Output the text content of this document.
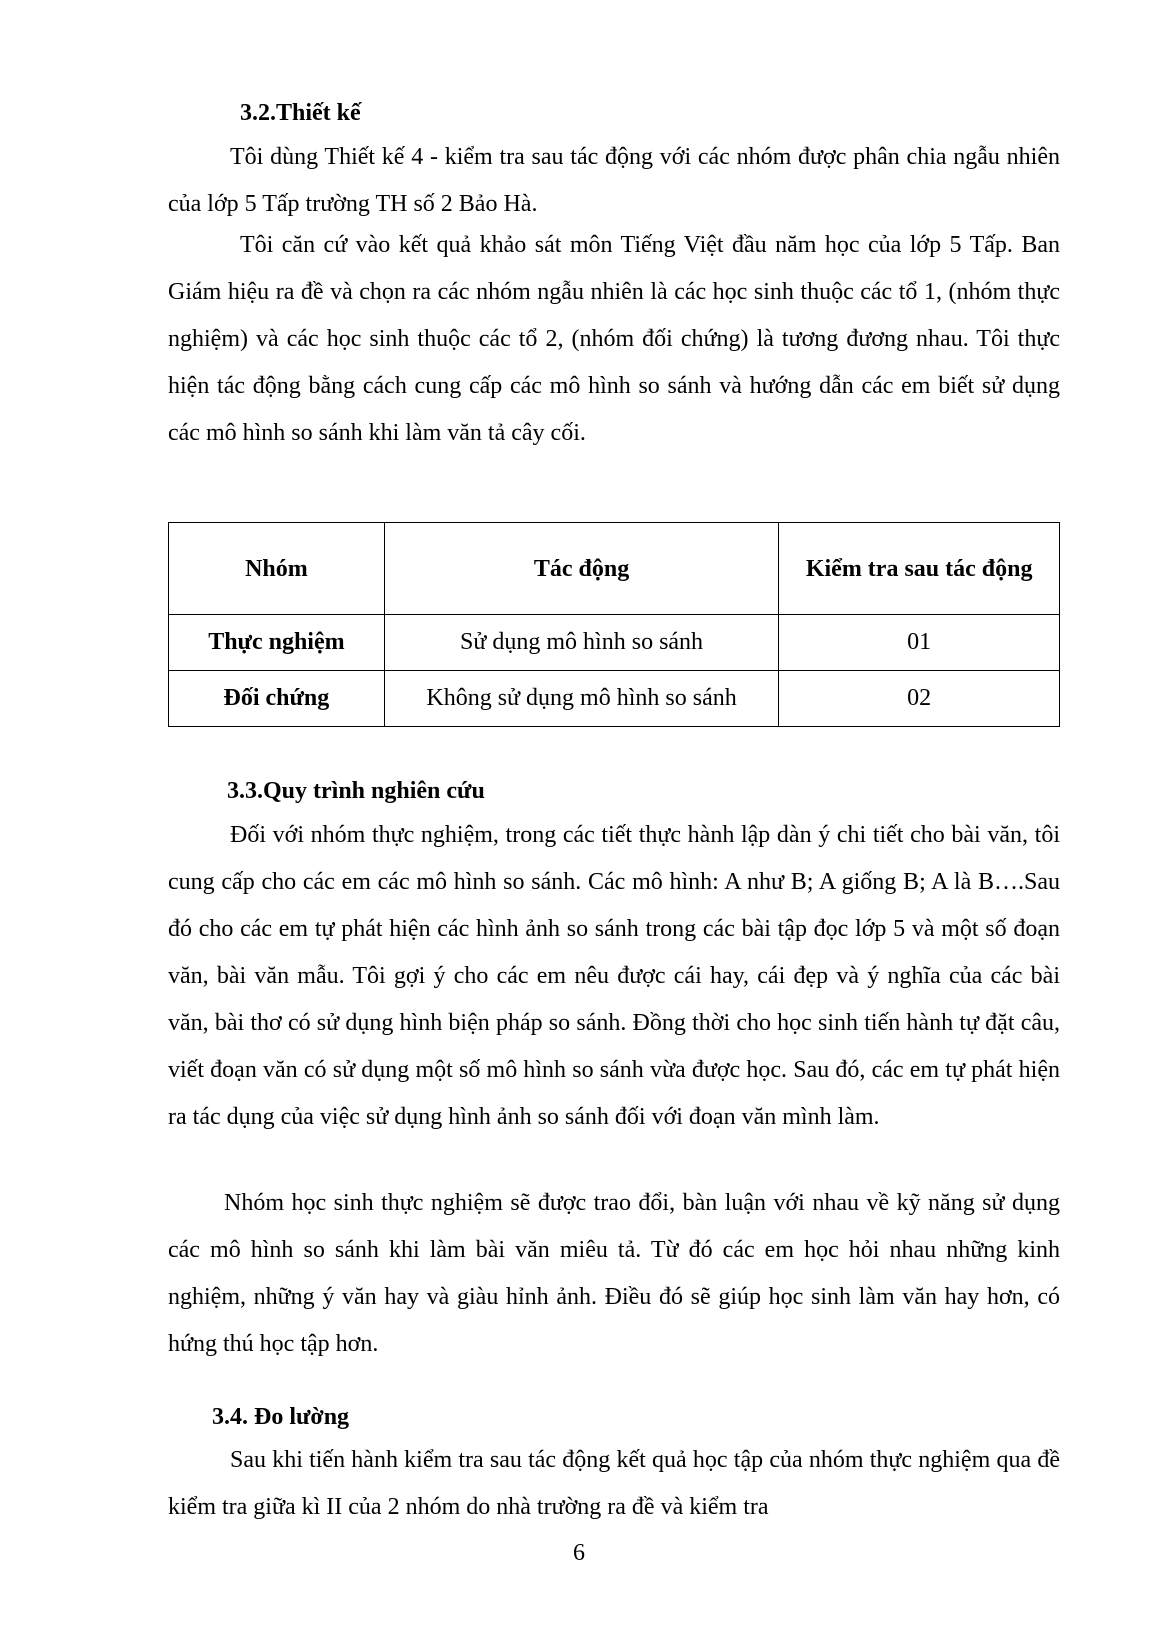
3.2.Thiết kế

Tôi dùng Thiết kế 4 - kiểm tra sau tác động với các nhóm được phân chia ngẫu nhiên của lớp 5 Tấp trường TH số 2 Bảo Hà.

Tôi căn cứ vào kết quả khảo sát môn Tiếng Việt đầu năm học của lớp 5 Tấp. Ban Giám hiệu ra đề và chọn ra các nhóm ngẫu nhiên là các học sinh thuộc các tổ 1, (nhóm thực nghiệm) và các học sinh thuộc các tổ 2, (nhóm đối chứng) là tương đương nhau. Tôi thực hiện tác động bằng cách cung cấp các mô hình so sánh và hướng dẫn các em biết sử dụng các mô hình so sánh khi làm văn tả cây cối.

Nhóm	Tác động	Kiểm tra sau tác động
Thực nghiệm	Sử dụng mô hình so sánh	01
Đối chứng	Không sử dụng mô hình so sánh	02
3.3.Quy trình nghiên cứu

Đối với nhóm thực nghiệm, trong các tiết thực hành lập dàn ý chi tiết cho bài văn, tôi cung cấp cho các em các mô hình so sánh. Các mô hình: A như B; A giống B; A là B….Sau đó cho các em tự phát hiện các hình ảnh so sánh trong các bài tập đọc lớp 5 và một số đoạn văn, bài văn mẫu. Tôi gợi ý cho các em nêu được cái hay, cái đẹp và ý nghĩa của các bài văn, bài thơ có sử dụng hình biện pháp so sánh. Đồng thời cho học sinh tiến hành tự đặt câu, viết đoạn văn có sử dụng một số mô hình so sánh vừa được học. Sau đó, các em tự phát hiện ra tác dụng của việc sử dụng hình ảnh so sánh đối với đoạn văn mình làm.

Nhóm học sinh thực nghiệm sẽ được trao đổi, bàn luận với nhau về kỹ năng sử dụng các mô hình so sánh khi làm bài văn miêu tả. Từ đó các em học hỏi nhau những kinh nghiệm, những ý văn hay và giàu hỉnh ảnh. Điều đó sẽ giúp học sinh làm văn hay hơn, có hứng thú học tập hơn.

3.4. Đo lường

Sau khi tiến hành kiểm tra sau tác động kết quả học tập của nhóm thực nghiệm qua đề kiểm tra giữa kì II của 2 nhóm do nhà trường ra đề và kiểm tra

6
